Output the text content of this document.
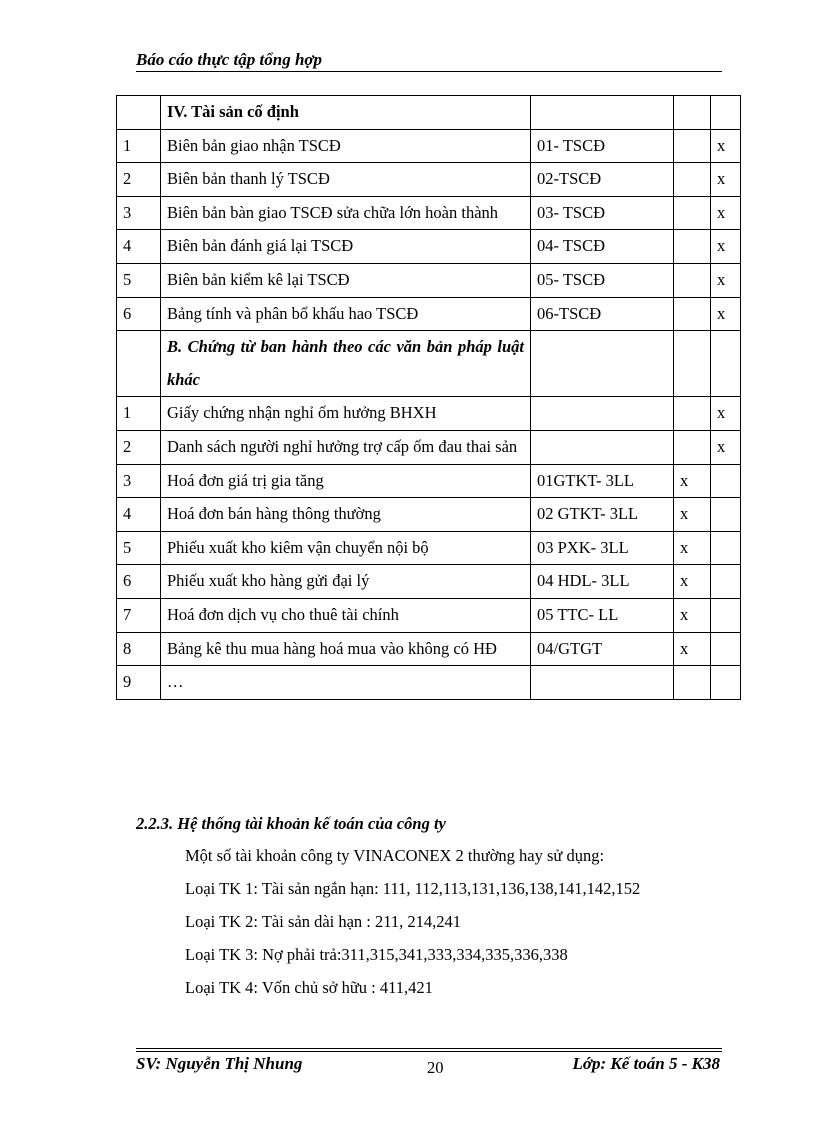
Báo cáo thực tập tổng hợp
	IV. Tài sản cố định			
1	Biên bản giao nhận TSCĐ	01- TSCĐ		x
2	Biên bản thanh lý TSCĐ	02-TSCĐ		x
3	Biên bản bàn giao TSCĐ sửa chữa lớn hoàn thành	03- TSCĐ		x
4	Biên bản đánh giá lại TSCĐ	04- TSCĐ		x
5	Biên bản kiểm kê lại TSCĐ	05- TSCĐ		x
6	Bảng tính và phân bổ khấu hao TSCĐ	06-TSCĐ		x
	B. Chứng từ ban hành theo các văn bản pháp luật khác			
1	Giấy chứng nhận nghỉ ốm hưởng BHXH			x
2	Danh sách người nghỉ hưởng trợ cấp ốm đau thai sản			x
3	Hoá đơn giá trị gia tăng	01GTKT- 3LL	x	
4	Hoá đơn bán hàng thông thường	02 GTKT- 3LL	x	
5	Phiếu xuất kho kiêm vận chuyển nội bộ	03 PXK- 3LL	x	
6	Phiếu xuất kho hàng gửi đại lý	04 HDL- 3LL	x	
7	Hoá đơn dịch vụ cho thuê tài chính	05 TTC- LL	x	
8	Bảng kê thu mua hàng hoá mua vào không có HĐ	04/GTGT	x	
9	…			
2.2.3. Hệ thống tài khoản kế toán của công ty
Một số tài khoản công ty VINACONEX 2 thường hay sử dụng:
Loại TK 1: Tài sản ngắn hạn: 111, 112,113,131,136,138,141,142,152
Loại TK 2: Tài sản dài hạn : 211, 214,241
Loại TK 3: Nợ phải trả:311,315,341,333,334,335,336,338
Loại TK 4: Vốn chủ sở hữu : 411,421
SV: Nguyễn Thị Nhung	20	Lớp: Kế toán 5 - K38
